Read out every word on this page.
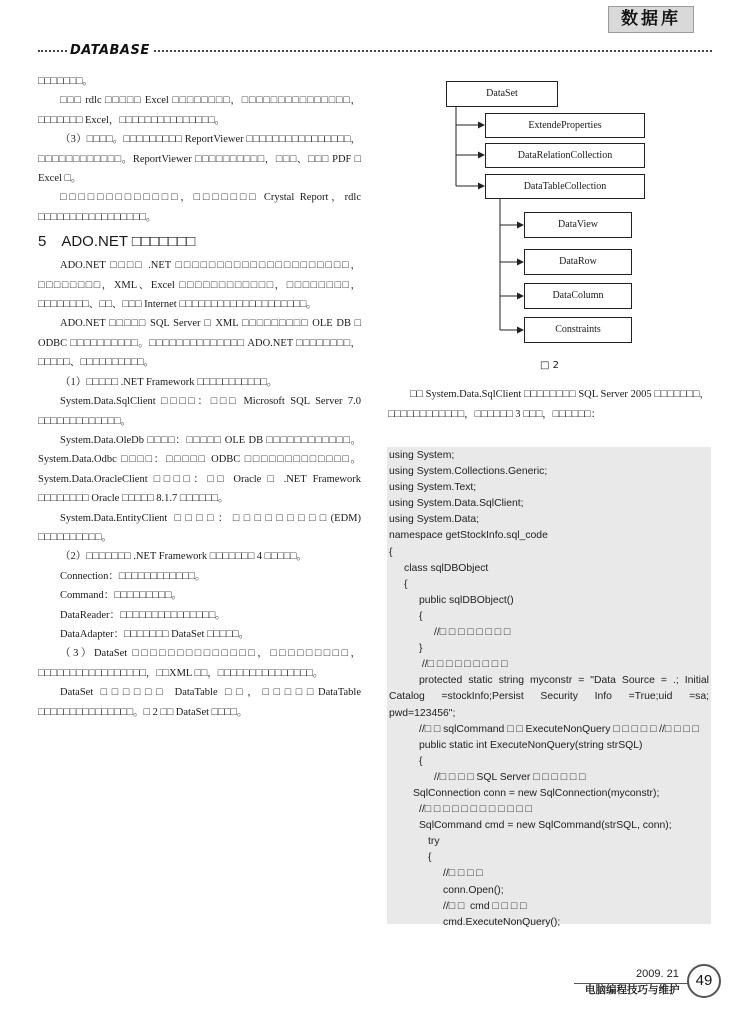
数据库
DATABASE

□□□□□□□。

□□□ rdlc □□□□□ Excel □□□□□□□□，□□□□□□□□□□□□□□□，□□□□□□□ Excel，□□□□□□□□□□□□□□□。

（3）□□□□。□□□□□□□□□ ReportViewer □□□□□□□□□□□□□□□□，□□□□□□□□□□□□。ReportViewer □□□□□□□□□□，□□□、□□□ PDF □ Excel □。

□□□□□□□□□□□□□，□□□□□□□ Crystal Report，rdlc □□□□□□□□□□□□□□□□□。

5　ADO.NET □□□□□□□

ADO.NET □□□□ .NET □□□□□□□□□□□□□□□□□□□□□，□□□□□□□□，XML、Excel □□□□□□□□□□□□，□□□□□□□□，□□□□□□□□、□□、□□□ Internet □□□□□□□□□□□□□□□□□□□□。

ADO.NET □□□□□ SQL Server □ XML □□□□□□□□□ OLE DB □ ODBC □□□□□□□□□□。□□□□□□□□□□□□□□ ADO.NET □□□□□□□□，□□□□□、□□□□□□□□□□。

（1）□□□□□ .NET Framework □□□□□□□□□□□。

System.Data.SqlClient □□□□：□□□ Microsoft SQL Server 7.0 □□□□□□□□□□□□□。

System.Data.OleDb □□□□：□□□□□ OLE DB □□□□□□□□□□□□。System.Data.Odbc □□□□：□□□□□ ODBC □□□□□□□□□□□□□。System.Data.OracleClient □□□□：□□ Oracle □ .NET Framework □□□□□□□□ Oracle □□□□□ 8.1.7 □□□□□□。

System.Data.EntityClient □□□□：□□□□□□□□□(EDM) □□□□□□□□□□。

（2）□□□□□□□ .NET Framework □□□□□□□ 4 □□□□□。

Connection：□□□□□□□□□□□□。

Command：□□□□□□□□□。

DataReader：□□□□□□□□□□□□□□□。

DataAdapter：□□□□□□□ DataSet □□□□□。

（3）DataSet □□□□□□□□□□□□□□，□□□□□□□□□，□□□□□□□□□□□□□□□□□，□□XML □□，□□□□□□□□□□□□□□□。

DataSet □□□□□□ DataTable □□，□□□□□DataTable □□□□□□□□□□□□□□□。□ 2 □□ DataSet □□□□。

DataSet
ExtendeProperties
DataRelationCollection
DataTableCollection
DataView
DataRow
DataColumn
Constraints
□ 2

□□ System.Data.SqlClient □□□□□□□□ SQL Server 2005 □□□□□□□，□□□□□□□□□□□□，□□□□□□ 3 □□□，□□□□□□：

using System;
using System.Collections.Generic;
using System.Text;
using System.Data.SqlClient;
using System.Data;
namespace getStockInfo.sql_code
{
class sqlDBObject
{
public sqlDBObject()
{
//□ □ □ □ □ □ □ □
}
//□ □ □ □ □ □ □ □ □
protected static string myconstr = "Data Source = .; Initial Catalog =stockInfo;Persist Security Info =True;uid =sa; pwd=123456";
//□ □ sqlCommand □ □ ExecuteNonQuery □ □ □ □ □ //□ □ □ □
public static int ExecuteNonQuery(string strSQL)
{
//□ □ □ □ SQL Server □ □ □ □ □ □
SqlConnection conn = new SqlConnection(myconstr);
//□ □ □ □ □ □ □ □ □ □ □ □
SqlCommand cmd = new SqlCommand(strSQL, conn);
try
{
//□ □ □ □
conn.Open();
//□ □  cmd □ □ □ □
cmd.ExecuteNonQuery();
2009. 21
电脑编程技巧与维护
49
